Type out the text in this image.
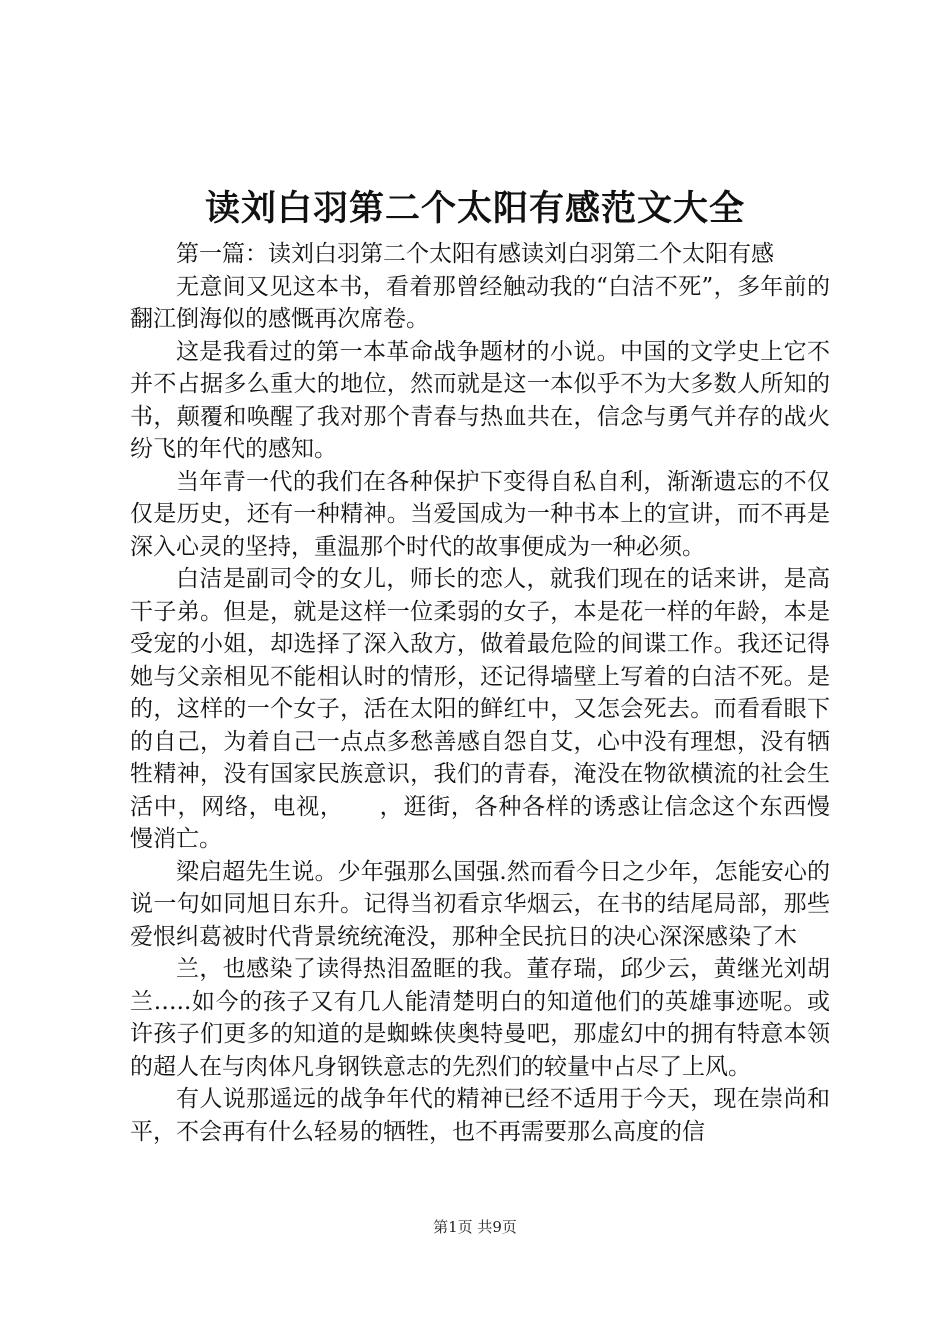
读刘白羽第二个太阳有感范文大全

第一篇：读刘白羽第二个太阳有感读刘白羽第二个太阳有感

无意间又见这本书，看着那曾经触动我的“白洁不死”，多年前的翻江倒海似的感慨再次席卷。

这是我看过的第一本革命战争题材的小说。中国的文学史上它不并不占据多么重大的地位，然而就是这一本似乎不为大多数人所知的书，颠覆和唤醒了我对那个青春与热血共在，信念与勇气并存的战火纷飞的年代的感知。

当年青一代的我们在各种保护下变得自私自利，渐渐遗忘的不仅仅是历史，还有一种精神。当爱国成为一种书本上的宣讲，而不再是深入心灵的坚持，重温那个时代的故事便成为一种必须。

白洁是副司令的女儿，师长的恋人，就我们现在的话来讲，是高干子弟。但是，就是这样一位柔弱的女子，本是花一样的年龄，本是受宠的小姐，却选择了深入敌方，做着最危险的间谍工作。我还记得她与父亲相见不能相认时的情形，还记得墙壁上写着的白洁不死。是的，这样的一个女子，活在太阳的鲜红中，又怎会死去。而看看眼下的自己，为着自己一点点多愁善感自怨自艾，心中没有理想，没有牺牲精神，没有国家民族意识，我们的青春，淹没在物欲横流的社会生活中，网络，电视，　　，逛街，各种各样的诱惑让信念这个东西慢慢消亡。

梁启超先生说。少年强那么国强.然而看今日之少年，怎能安心的说一句如同旭日东升。记得当初看京华烟云，在书的结尾局部，那些爱恨纠葛被时代背景统统淹没，那种全民抗日的决心深深感染了木

兰，也感染了读得热泪盈眶的我。董存瑞，邱少云，黄继光刘胡兰…..如今的孩子又有几人能清楚明白的知道他们的英雄事迹呢。或许孩子们更多的知道的是蜘蛛侠奥特曼吧，那虚幻中的拥有特意本领的超人在与肉体凡身钢铁意志的先烈们的较量中占尽了上风。

有人说那遥远的战争年代的精神已经不适用于今天，现在崇尚和平，不会再有什么轻易的牺牲，也不再需要那么高度的信

第1页 共9页
